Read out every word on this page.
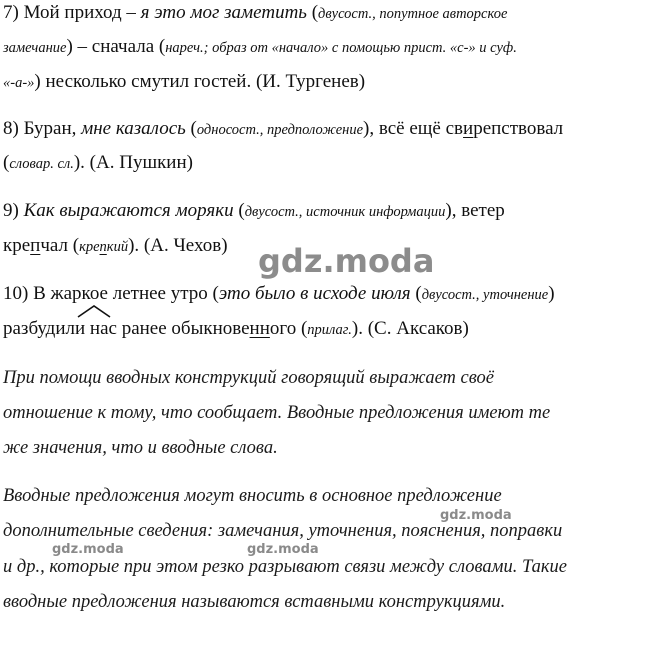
7) Мой приход – я это мог заметить (двусост., попутное авторское
замечание) – сначала (нареч.; образ от «начало» с помощью прист. «с-» и суф.
«-а-») несколько смутил гостей. (И. Тургенев)
8) Буран, мне казалось (односост., предположение), всё ещё свирепствовал
(словар. сл.). (А. Пушкин)
9) Как выражаются моряки (двусост., источник информации), ветер
крепчал (крепкий). (А. Чехов)
10) В жаркое летнее утро (это было в исходе июля (двусост., уточнение)
разбудили нас ранее обыкновенного (прилаг.). (С. Аксаков)
При помощи вводных конструкций говорящий выражает своё
отношение к тому, что сообщает. Вводные предложения имеют те
же значения, что и вводные слова.
Вводные предложения могут вносить в основное предложение
дополнительные сведения: замечания, уточнения, пояснения, поправки
и др., которые при этом резко разрывают связи между словами. Такие
вводные предложения называются вставными конструкциями.
gdz.moda
gdz.moda
gdz.moda	gdz.moda
